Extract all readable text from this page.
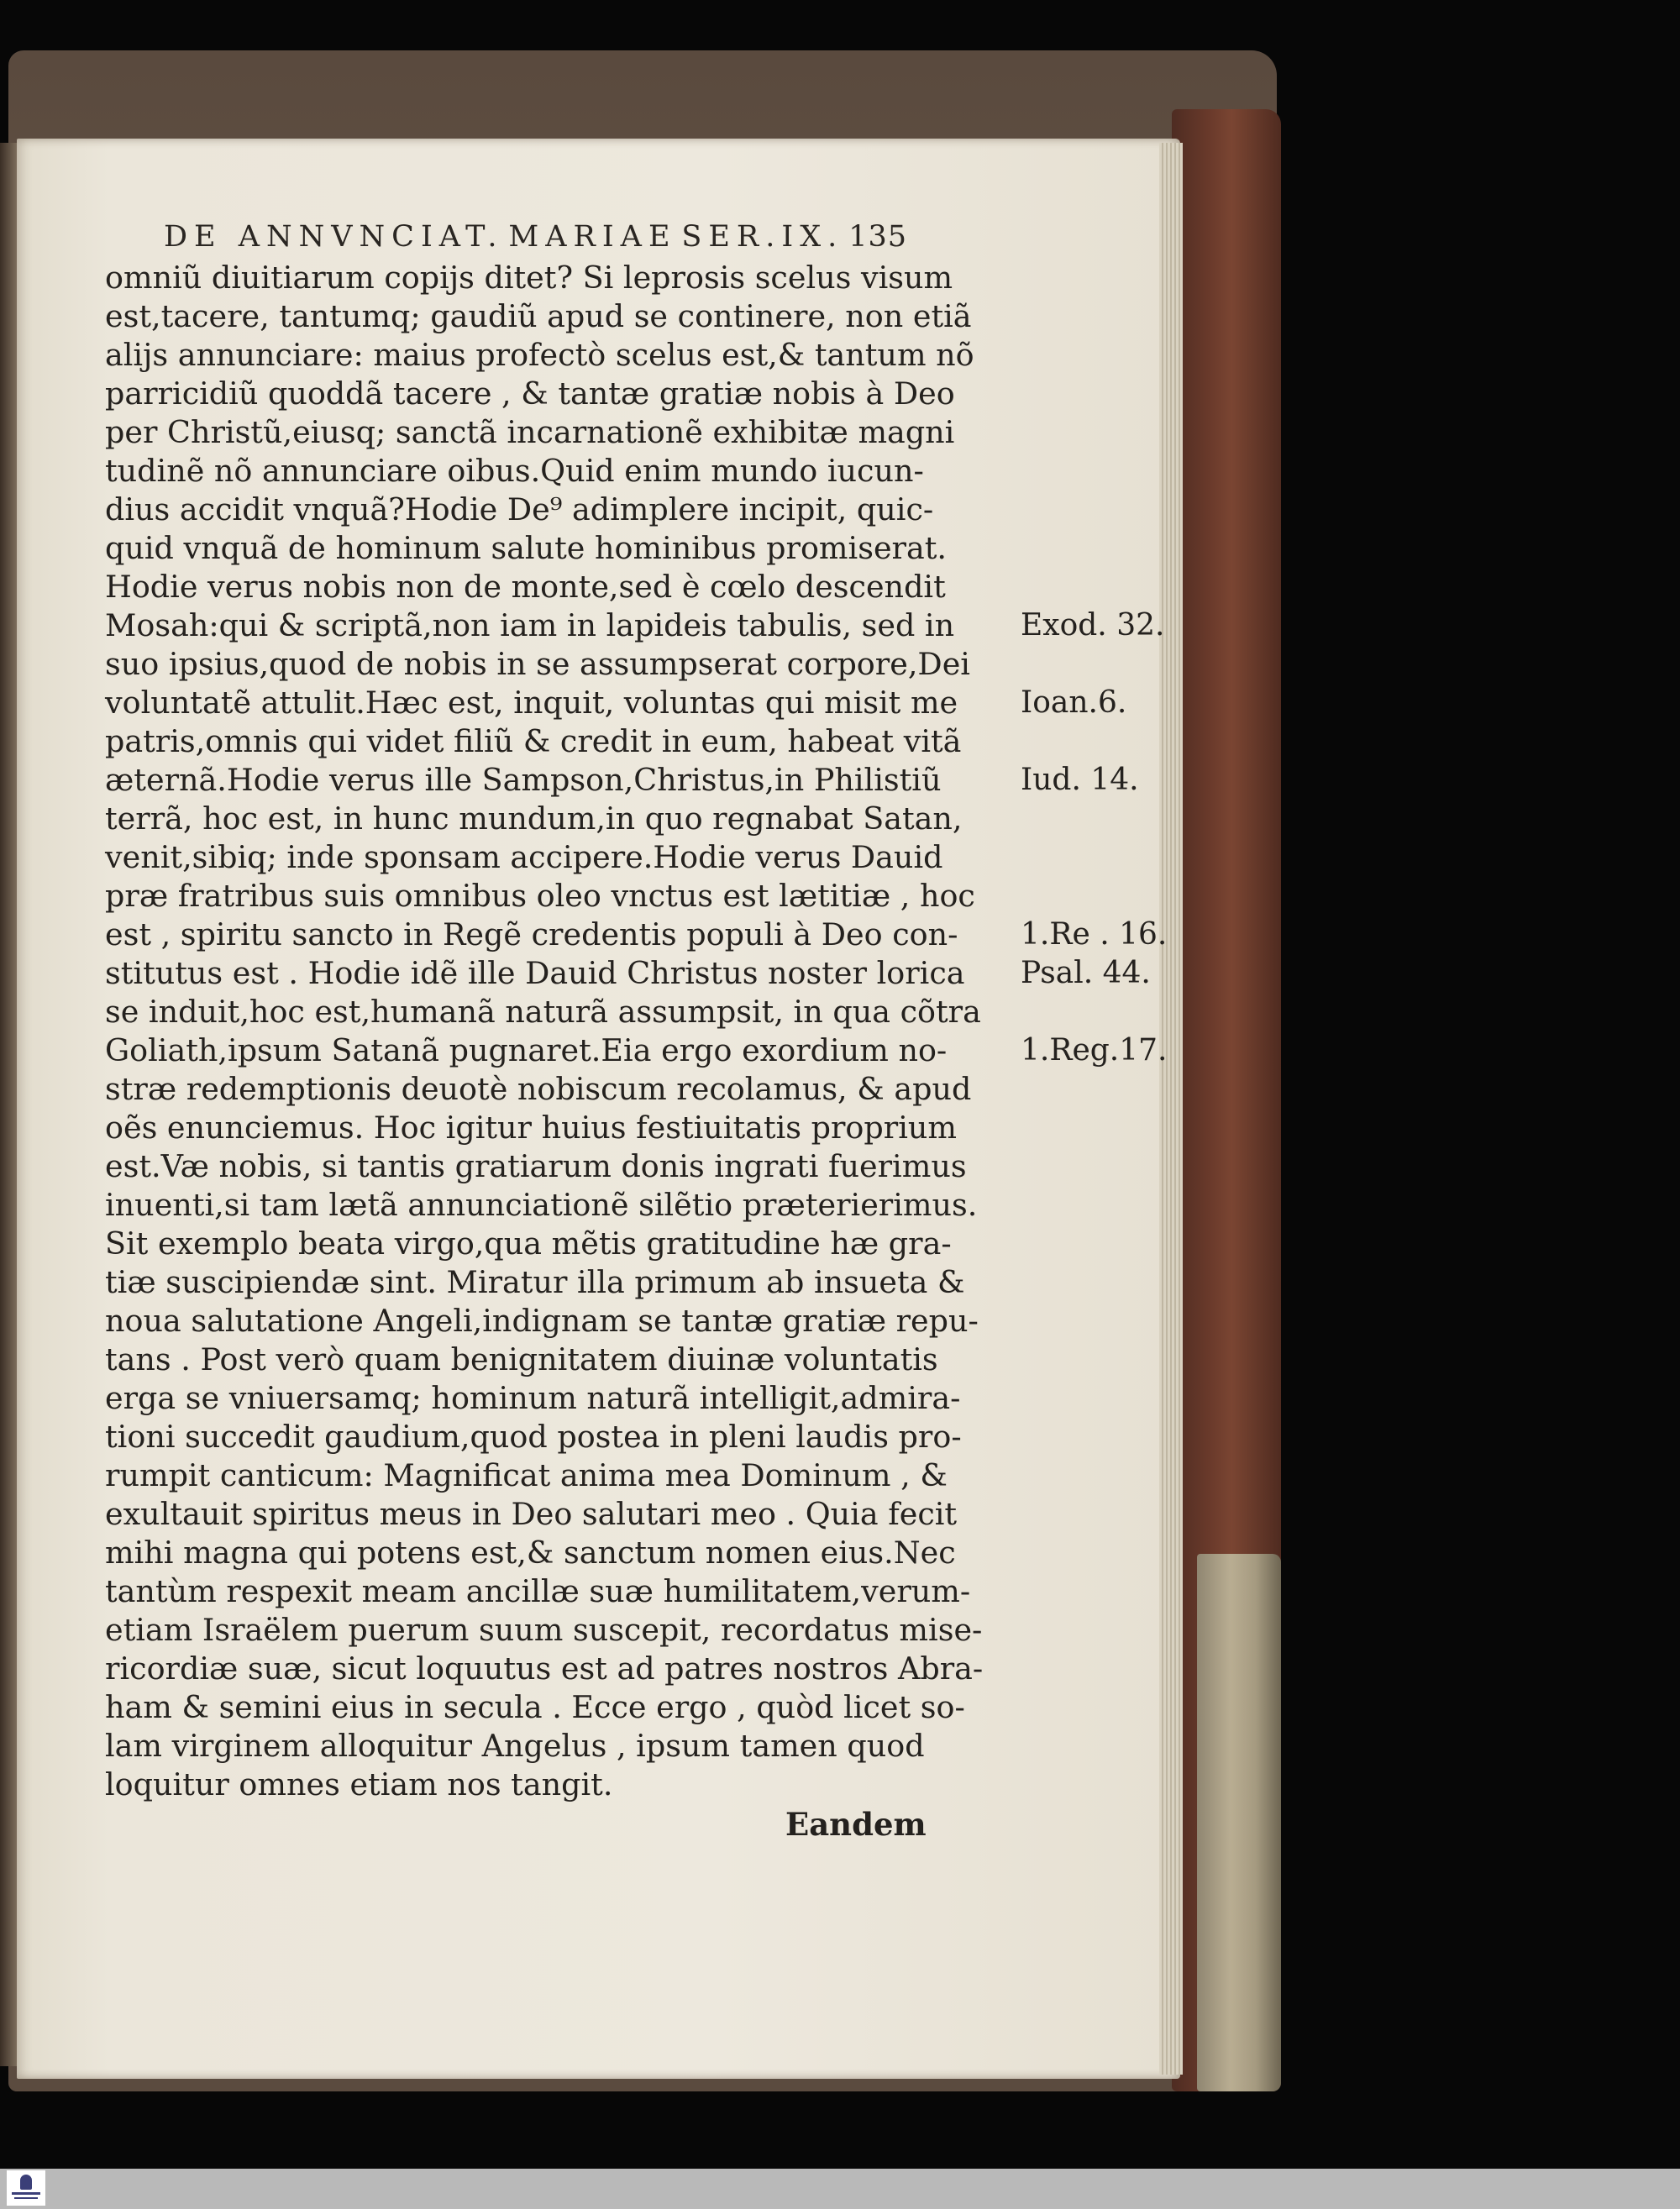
DE ANNVNCIAT. MARIAE SER.IX. 135
omniũ diuitiarum copijs ditet? Si leprosis scelus visum
est,tacere, tantumq; gaudiũ apud se continere, non etiã
alijs annunciare: maius profectò scelus est,& tantum nõ
parricidiũ quoddã tacere , & tantæ gratiæ nobis à Deo
per Christũ,eiusq; sanctã incarnationẽ exhibitæ magni
tudinẽ nõ annunciare oibus.Quid enim mundo iucun-
dius accidit vnquã?Hodie De⁹ adimplere incipit, quic-
quid vnquã de hominum salute hominibus promiserat.
Hodie verus nobis non de monte,sed è cœlo descendit
Mosah:qui & scriptã,non iam in lapideis tabulis, sed in
suo ipsius,quod de nobis in se assumpserat corpore,Dei
voluntatẽ attulit.Hæc est, inquit, voluntas qui misit me
patris,omnis qui videt filiũ & credit in eum, habeat vitã
æternã.Hodie verus ille Sampson,Christus,in Philistiũ
terrã, hoc est, in hunc mundum,in quo regnabat Satan,
venit,sibiq; inde sponsam accipere.Hodie verus Dauid
præ fratribus suis omnibus oleo vnctus est lætitiæ , hoc
est , spiritu sancto in Regẽ credentis populi à Deo con-
stitutus est . Hodie idẽ ille Dauid Christus noster lorica
se induit,hoc est,humanã naturã assumpsit, in qua cõtra
Goliath,ipsum Satanã pugnaret.Eia ergo exordium no-
stræ redemptionis deuotè nobiscum recolamus, & apud
oẽs enunciemus. Hoc igitur huius festiuitatis proprium
est.Væ nobis, si tantis gratiarum donis ingrati fuerimus
inuenti,si tam lætã annunciationẽ silẽtio præterierimus.
Sit exemplo beata virgo,qua mẽtis gratitudine hæ gra-
tiæ suscipiendæ sint. Miratur illa primum ab insueta &
noua salutatione Angeli,indignam se tantæ gratiæ repu-
tans . Post verò quam benignitatem diuinæ voluntatis
erga se vniuersamq; hominum naturã intelligit,admira-
tioni succedit gaudium,quod postea in pleni laudis pro-
rumpit canticum: Magnificat anima mea Dominum , &
exultauit spiritus meus in Deo salutari meo . Quia fecit
mihi magna qui potens est,& sanctum nomen eius.Nec
tantùm respexit meam ancillæ suæ humilitatem,verum-
etiam Israëlem puerum suum suscepit, recordatus mise-
ricordiæ suæ, sicut loquutus est ad patres nostros Abra-
ham & semini eius in secula . Ecce ergo , quòd licet so-
lam virginem alloquitur Angelus , ipsum tamen quod
loquitur omnes etiam nos tangit.
Exod. 32.
Ioan.6.
Iud. 14.
1.Re . 16.
Psal. 44.
1.Reg.17.
Eandem
